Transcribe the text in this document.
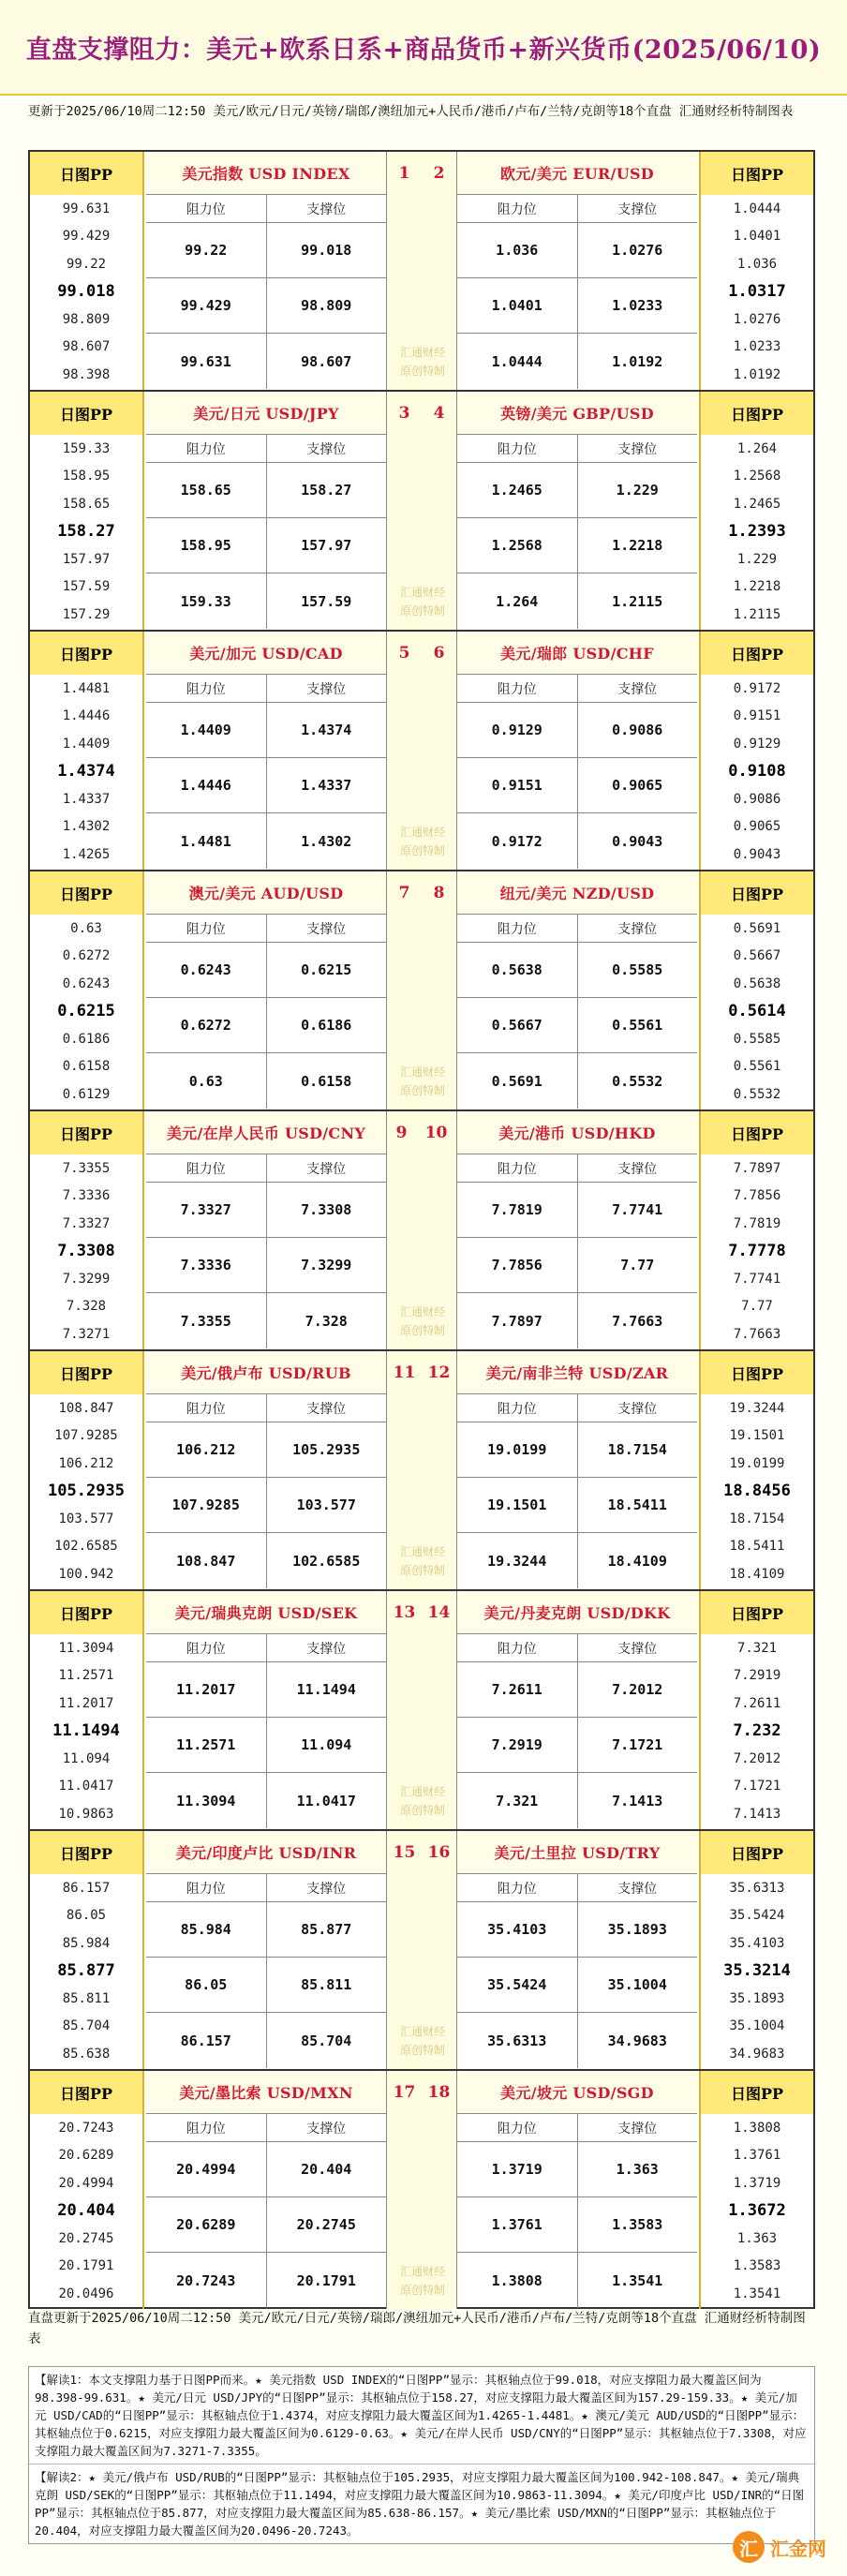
直盘支撑阻力：美元+欧系日系+商品货币+新兴货币(2025/06/10)
更新于2025/06/10周二12:50 美元/欧元/日元/英镑/瑞郎/澳纽加元+人民币/港币/卢布/兰特/克朗等18个直盘 汇通财经析特制图表
日图PP
99.631
99.429
99.22
99.018
98.809
98.607
98.398
美元指数 USD INDEX
阻力位	支撑位
99.22	99.018
99.429	98.809
99.631	98.607
1 2
汇通财经
原创特制
欧元/美元 EUR/USD
阻力位	支撑位
1.036	1.0276
1.0401	1.0233
1.0444	1.0192
日图PP
1.0444
1.0401
1.036
1.0317
1.0276
1.0233
1.0192
日图PP
159.33
158.95
158.65
158.27
157.97
157.59
157.29
美元/日元 USD/JPY
阻力位	支撑位
158.65	158.27
158.95	157.97
159.33	157.59
3 4
汇通财经
原创特制
英镑/美元 GBP/USD
阻力位	支撑位
1.2465	1.229
1.2568	1.2218
1.264	1.2115
日图PP
1.264
1.2568
1.2465
1.2393
1.229
1.2218
1.2115
日图PP
1.4481
1.4446
1.4409
1.4374
1.4337
1.4302
1.4265
美元/加元 USD/CAD
阻力位	支撑位
1.4409	1.4374
1.4446	1.4337
1.4481	1.4302
5 6
汇通财经
原创特制
美元/瑞郎 USD/CHF
阻力位	支撑位
0.9129	0.9086
0.9151	0.9065
0.9172	0.9043
日图PP
0.9172
0.9151
0.9129
0.9108
0.9086
0.9065
0.9043
日图PP
0.63
0.6272
0.6243
0.6215
0.6186
0.6158
0.6129
澳元/美元 AUD/USD
阻力位	支撑位
0.6243	0.6215
0.6272	0.6186
0.63	0.6158
7 8
汇通财经
原创特制
纽元/美元 NZD/USD
阻力位	支撑位
0.5638	0.5585
0.5667	0.5561
0.5691	0.5532
日图PP
0.5691
0.5667
0.5638
0.5614
0.5585
0.5561
0.5532
日图PP
7.3355
7.3336
7.3327
7.3308
7.3299
7.328
7.3271
美元/在岸人民币 USD/CNY
阻力位	支撑位
7.3327	7.3308
7.3336	7.3299
7.3355	7.328
9 10
汇通财经
原创特制
美元/港币 USD/HKD
阻力位	支撑位
7.7819	7.7741
7.7856	7.77
7.7897	7.7663
日图PP
7.7897
7.7856
7.7819
7.7778
7.7741
7.77
7.7663
日图PP
108.847
107.9285
106.212
105.2935
103.577
102.6585
100.942
美元/俄卢布 USD/RUB
阻力位	支撑位
106.212	105.2935
107.9285	103.577
108.847	102.6585
11 12
汇通财经
原创特制
美元/南非兰特 USD/ZAR
阻力位	支撑位
19.0199	18.7154
19.1501	18.5411
19.3244	18.4109
日图PP
19.3244
19.1501
19.0199
18.8456
18.7154
18.5411
18.4109
日图PP
11.3094
11.2571
11.2017
11.1494
11.094
11.0417
10.9863
美元/瑞典克朗 USD/SEK
阻力位	支撑位
11.2017	11.1494
11.2571	11.094
11.3094	11.0417
13 14
汇通财经
原创特制
美元/丹麦克朗 USD/DKK
阻力位	支撑位
7.2611	7.2012
7.2919	7.1721
7.321	7.1413
日图PP
7.321
7.2919
7.2611
7.232
7.2012
7.1721
7.1413
日图PP
86.157
86.05
85.984
85.877
85.811
85.704
85.638
美元/印度卢比 USD/INR
阻力位	支撑位
85.984	85.877
86.05	85.811
86.157	85.704
15 16
汇通财经
原创特制
美元/土里拉 USD/TRY
阻力位	支撑位
35.4103	35.1893
35.5424	35.1004
35.6313	34.9683
日图PP
35.6313
35.5424
35.4103
35.3214
35.1893
35.1004
34.9683
日图PP
20.7243
20.6289
20.4994
20.404
20.2745
20.1791
20.0496
美元/墨比索 USD/MXN
阻力位	支撑位
20.4994	20.404
20.6289	20.2745
20.7243	20.1791
17 18
汇通财经
原创特制
美元/坡元 USD/SGD
阻力位	支撑位
1.3719	1.363
1.3761	1.3583
1.3808	1.3541
日图PP
1.3808
1.3761
1.3719
1.3672
1.363
1.3583
1.3541
直盘更新于2025/06/10周二12:50 美元/欧元/日元/英镑/瑞郎/澳纽加元+人民币/港币/卢布/兰特/克朗等18个直盘 汇通财经析特制图表
【解读1：本文支撑阻力基于日图PP而来。★ 美元指数 USD INDEX的“日图PP”显示：其枢轴点位于99.018，对应支撑阻力最大覆盖区间为98.398-99.631。★ 美元/日元 USD/JPY的“日图PP”显示：其枢轴点位于158.27，对应支撑阻力最大覆盖区间为157.29-159.33。★ 美元/加元 USD/CAD的“日图PP”显示：其枢轴点位于1.4374，对应支撑阻力最大覆盖区间为1.4265-1.4481。★ 澳元/美元 AUD/USD的“日图PP”显示：其枢轴点位于0.6215，对应支撑阻力最大覆盖区间为0.6129-0.63。★ 美元/在岸人民币 USD/CNY的“日图PP”显示：其枢轴点位于7.3308，对应支撑阻力最大覆盖区间为7.3271-7.3355。
【解读2：★ 美元/俄卢布 USD/RUB的“日图PP”显示：其枢轴点位于105.2935，对应支撑阻力最大覆盖区间为100.942-108.847。★ 美元/瑞典克朗 USD/SEK的“日图PP”显示：其枢轴点位于11.1494，对应支撑阻力最大覆盖区间为10.9863-11.3094。★ 美元/印度卢比 USD/INR的“日图PP”显示：其枢轴点位于85.877，对应支撑阻力最大覆盖区间为85.638-86.157。★ 美元/墨比索 USD/MXN的“日图PP”显示：其枢轴点位于20.404，对应支撑阻力最大覆盖区间为20.0496-20.7243。
汇 汇金网
